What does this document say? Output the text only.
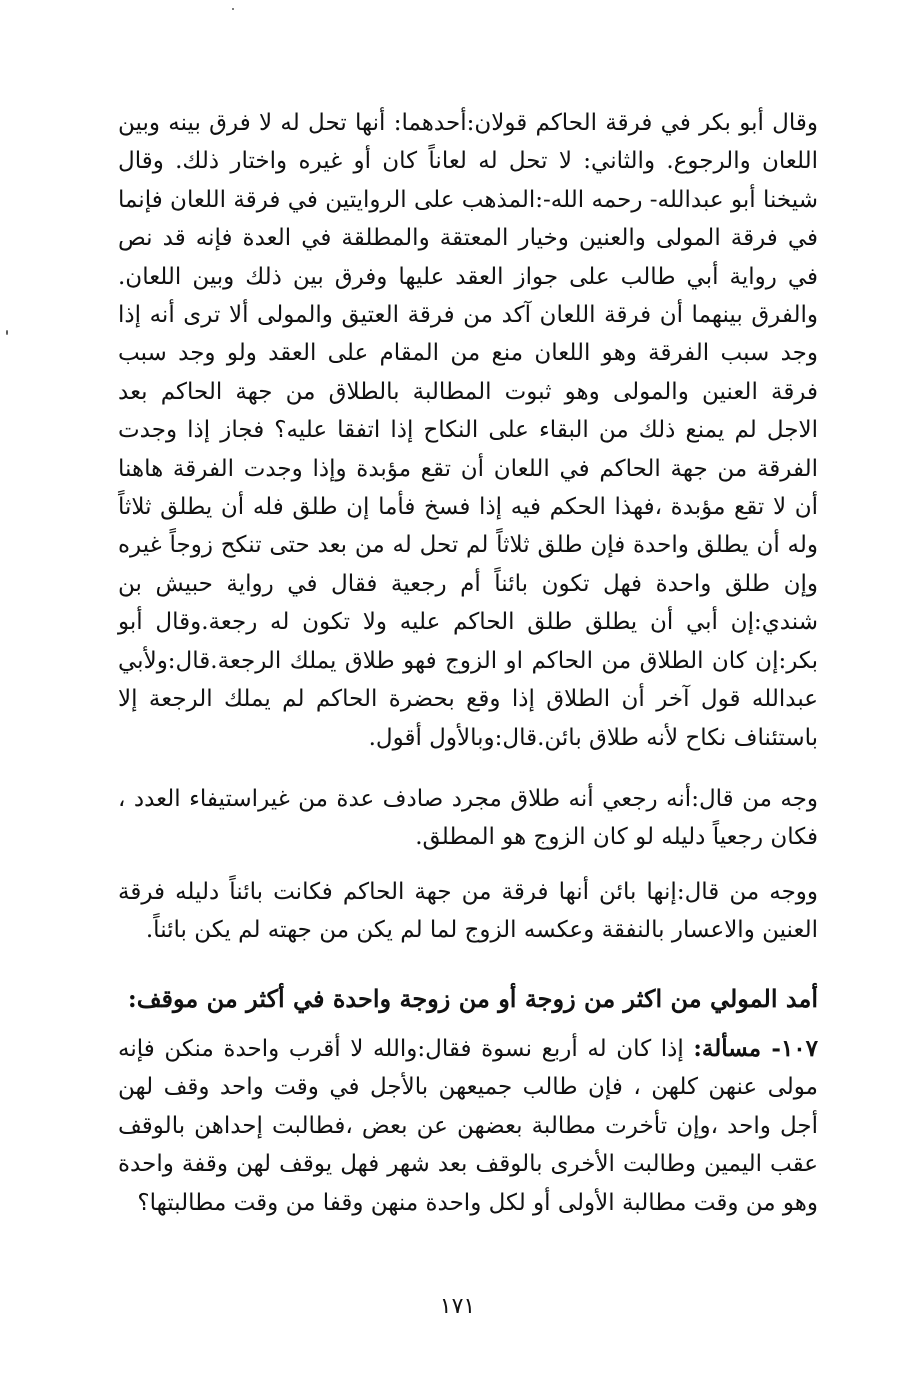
وقال أبو بكر في فرقة الحاكم قولان:أحدهما: أنها تحل له لا فرق بينه وبين اللعان والرجوع. والثاني: لا تحل له لعاناً كان أو غيره واختار ذلك. وقال شيخنا أبو عبدالله- رحمه الله-:المذهب على الروايتين في فرقة اللعان فإنما في فرقة المولى والعنين وخيار المعتقة والمطلقة في العدة فإنه قد نص في رواية أبي طالب على جواز العقد عليها وفرق بين ذلك وبين اللعان. والفرق بينهما أن فرقة اللعان آكد من فرقة العتيق والمولى ألا ترى أنه إذا وجد سبب الفرقة وهو اللعان منع من المقام على العقد ولو وجد سبب فرقة العنين والمولى وهو ثبوت المطالبة بالطلاق من جهة الحاكم بعد الاجل لم يمنع ذلك من البقاء على النكاح إذا اتفقا عليه؟ فجاز إذا وجدت الفرقة من جهة الحاكم في اللعان أن تقع مؤبدة وإذا وجدت الفرقة هاهنا أن لا تقع مؤبدة ،فهذا الحكم فيه إذا فسخ فأما إن طلق فله أن يطلق ثلاثاً وله أن يطلق واحدة فإن طلق ثلاثاً لم تحل له من بعد حتى تنكح زوجاً غيره وإن طلق واحدة فهل تكون بائناً أم رجعية فقال في رواية حبيش بن شندي:إن أبي أن يطلق طلق الحاكم عليه ولا تكون له رجعة.وقال أبو بكر:إن كان الطلاق من الحاكم او الزوج فهو طلاق يملك الرجعة.قال:ولأبي عبدالله قول آخر أن الطلاق إذا وقع بحضرة الحاكم لم يملك الرجعة إلا باستئناف نكاح لأنه طلاق بائن.قال:وبالأول أقول.

وجه من قال:أنه رجعي أنه طلاق مجرد صادف عدة من غيراستيفاء العدد ، فكان رجعياً دليله لو كان الزوج هو المطلق.

ووجه من قال:إنها بائن أنها فرقة من جهة الحاكم فكانت بائناً دليله فرقة العنين والاعسار بالنفقة وعكسه الزوج لما لم يكن من جهته لم يكن بائناً.

أمد المولي من اكثر من زوجة أو من زوجة واحدة في أكثر من موقف:

١٠٧- مسألة: إذا كان له أربع نسوة فقال:والله لا أقرب واحدة منكن فإنه مولى عنهن كلهن ، فإن طالب جميعهن بالأجل في وقت واحد وقف لهن أجل واحد ،وإن تأخرت مطالبة بعضهن عن بعض ،فطالبت إحداهن بالوقف عقب اليمين وطالبت الأخرى بالوقف بعد شهر فهل يوقف لهن وقفة واحدة وهو من وقت مطالبة الأولى أو لكل واحدة منهن وقفا من وقت مطالبتها؟

١٧١
